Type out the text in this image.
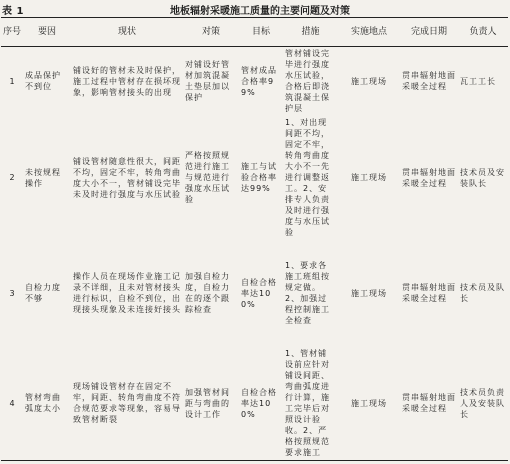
表 1	地板辐射采暖施工质量的主要问题及对策
序号	要因	现状	对策	目标	措施	实施地点	完成日期	负责人
1	成品保护不到位	铺设好的管材未及时保护，施工过程中管材存在损坏现象，影响管材接头的出现	对铺设好管材加筑混凝土垫层加以保护	管材成品合格率99%	管材铺设完毕进行强度水压试验，合格后即浇筑混凝土保护层	施工现场	贯串辐射地面采暖全过程	瓦工工长

2	未按规程操作	铺设管材随意性很大，间距不均，固定不牢，转角弯曲度大小不一，管材铺设完毕未及时进行强度与水压试验	严格按照规范进行施工与规范进行强度水压试验	施工与试验合格率达99%	1、对出现间距不均，固定不牢，转角弯曲度大小不一先进行调整返工。2、安排专人负责及时进行强度与水压试验	施工现场	贯串辐射地面采暖全过程	技术员及安装队长

3	自检力度不够	操作人员在现场作业施工记录不详细，且未对管材接头进行标识，自检不到位，出现接头现象及未连接好接头	加强自检力度，自检力在的逐个跟踪检查	自检合格率达100%	1、要求各施工班组按规定做。2、加强过程控制施工全检查	施工现场	贯串辐射地面采暖全过程	技术员及队长

4	管材弯曲弧度太小	现场铺设管材存在固定不牢，间距、转角弯曲度不符合规范要求等现象，容易导致管材断裂	加强管材间距与弯曲的设计工作	自检合格率达100%	1、管材铺设前应针对铺设间距、弯曲弧度进行计算，施工完毕后对照设计验收。2、严格按照规范要求施工	施工现场	贯串辐射地面采暖全过程	技术员负责人及安装队长
